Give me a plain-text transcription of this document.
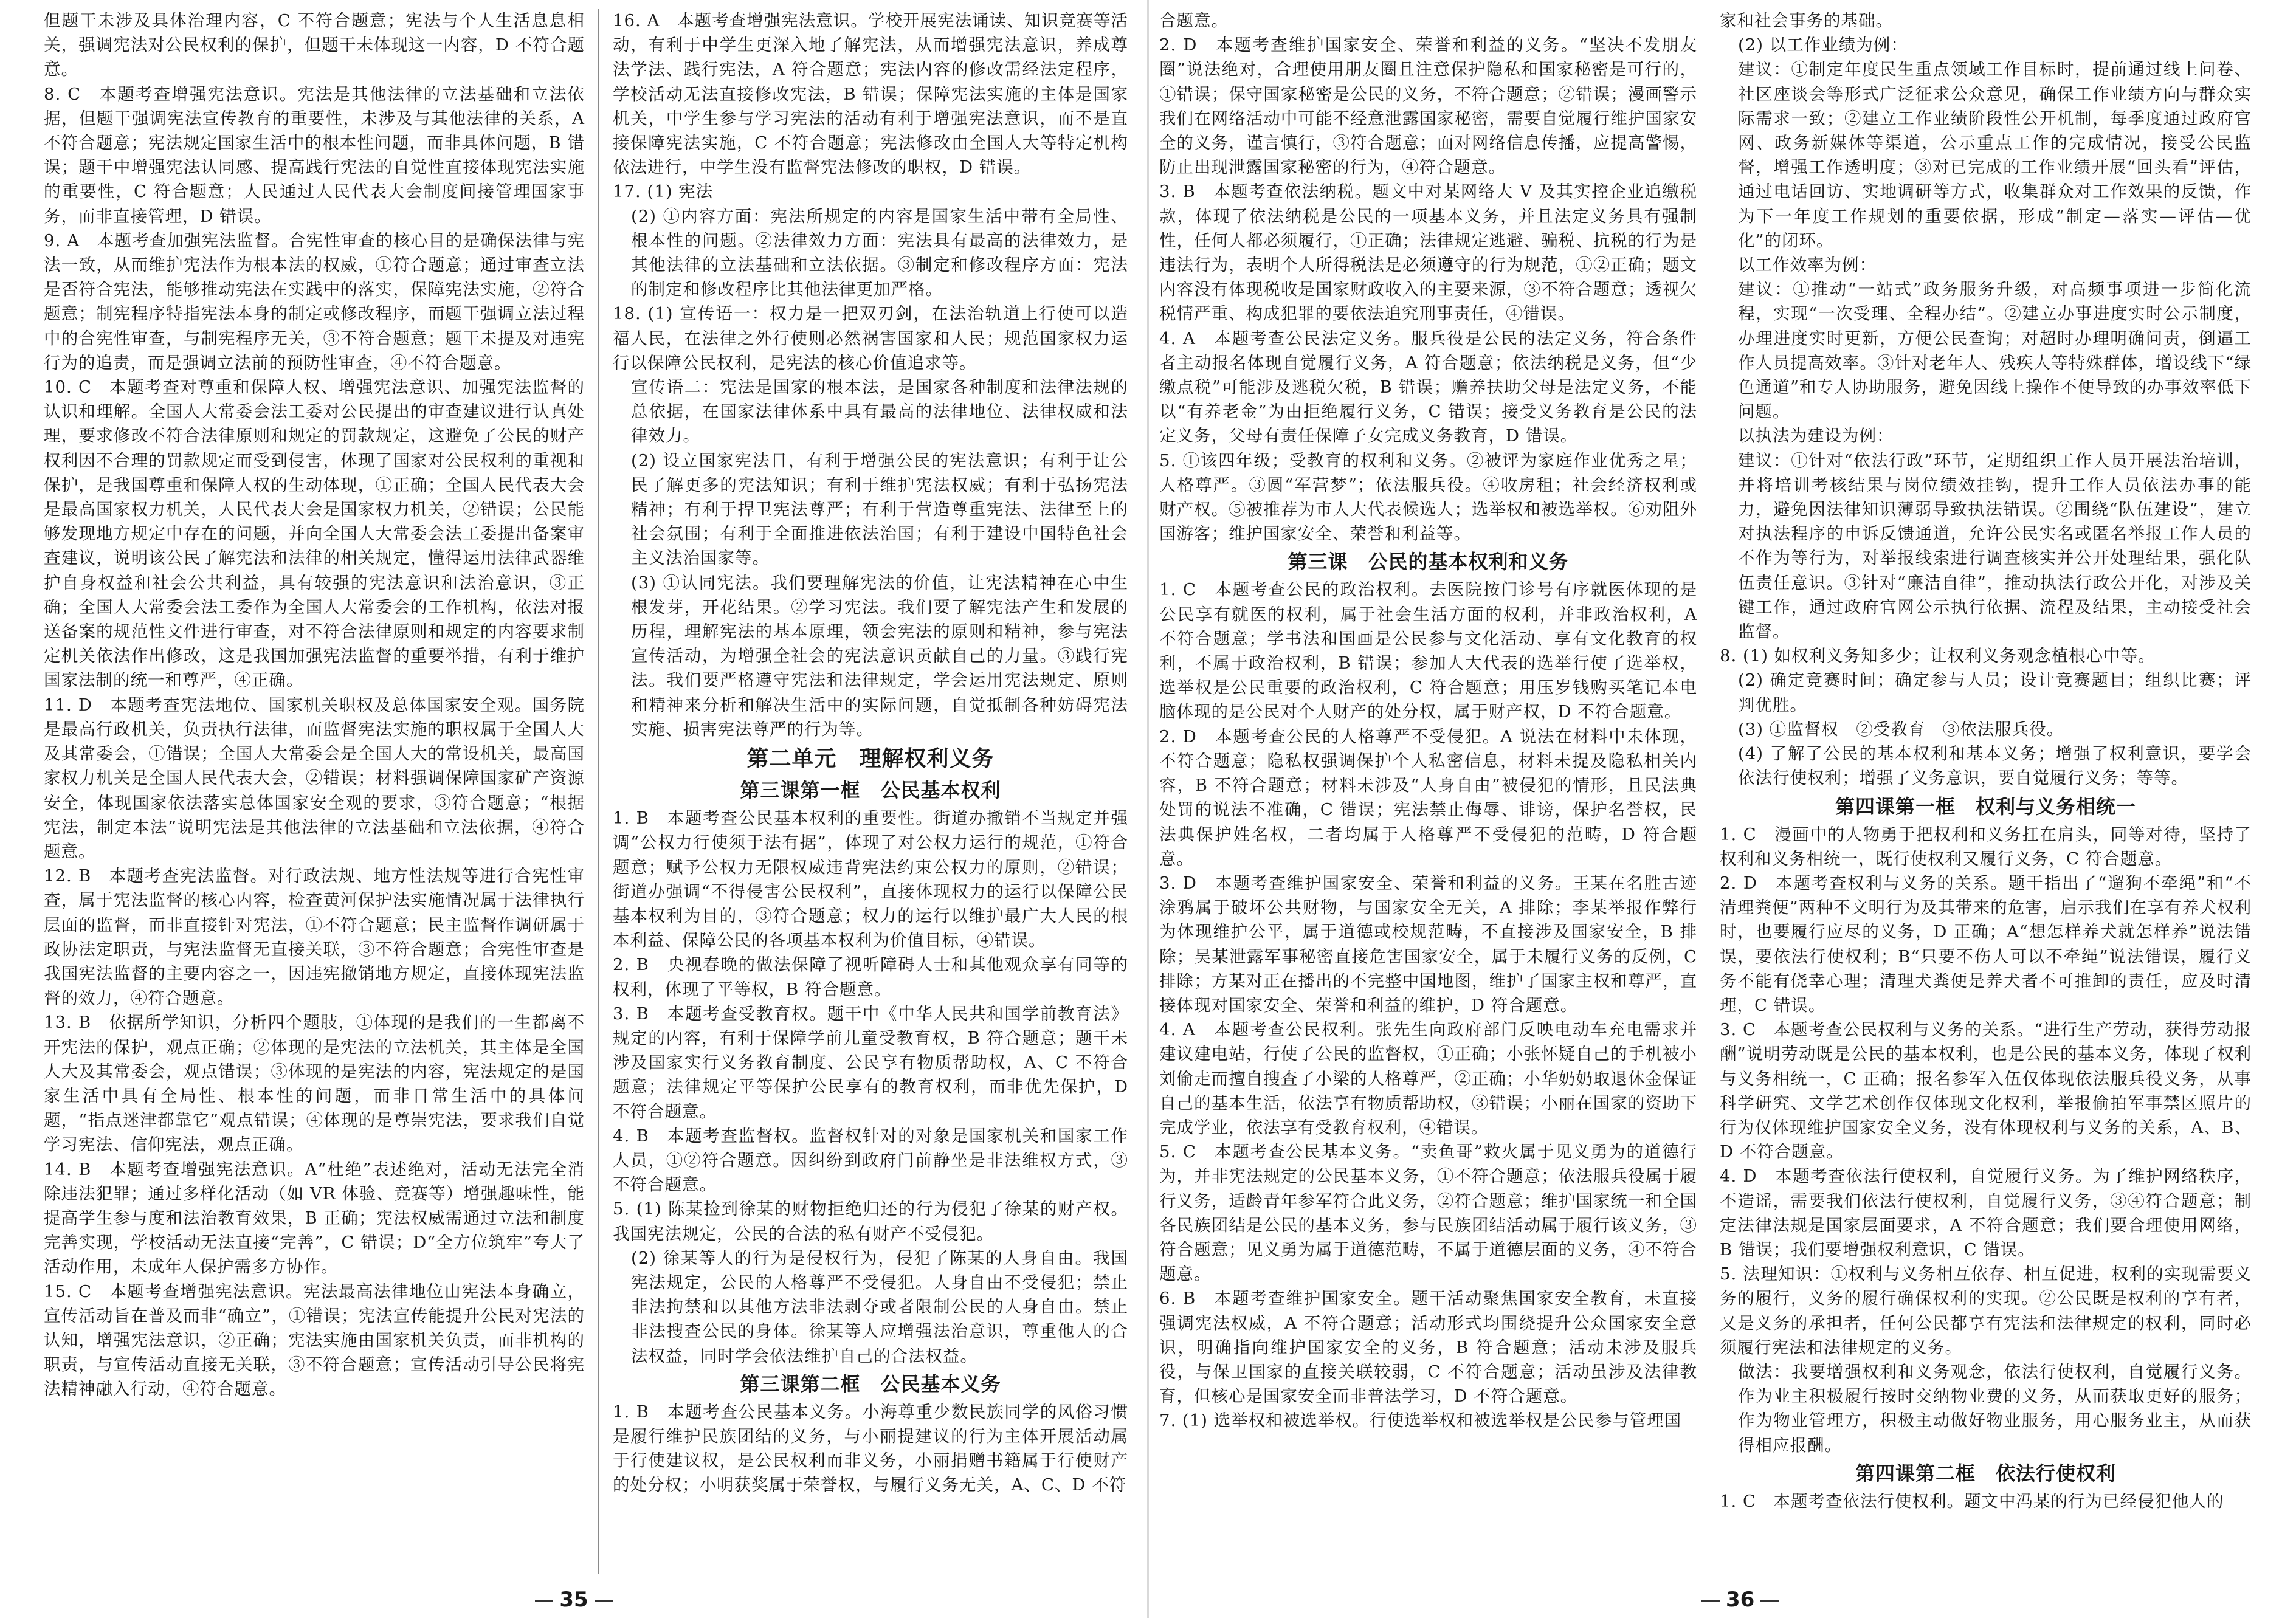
但题干未涉及具体治理内容，C 不符合题意；宪法与个人生活息息相关，强调宪法对公民权利的保护，但题干未体现这一内容，D 不符合题意。

8. C　本题考查增强宪法意识。宪法是其他法律的立法基础和立法依据，但题干强调宪法宣传教育的重要性，未涉及与其他法律的关系，A 不符合题意；宪法规定国家生活中的根本性问题，而非具体问题，B 错误；题干中增强宪法认同感、提高践行宪法的自觉性直接体现宪法实施的重要性，C 符合题意；人民通过人民代表大会制度间接管理国家事务，而非直接管理，D 错误。

9. A　本题考查加强宪法监督。合宪性审查的核心目的是确保法律与宪法一致，从而维护宪法作为根本法的权威，①符合题意；通过审查立法是否符合宪法，能够推动宪法在实践中的落实，保障宪法实施，②符合题意；制宪程序特指宪法本身的制定或修改程序，而题干强调立法过程中的合宪性审查，与制宪程序无关，③不符合题意；题干未提及对违宪行为的追责，而是强调立法前的预防性审查，④不符合题意。

10. C　本题考查对尊重和保障人权、增强宪法意识、加强宪法监督的认识和理解。全国人大常委会法工委对公民提出的审查建议进行认真处理，要求修改不符合法律原则和规定的罚款规定，这避免了公民的财产权利因不合理的罚款规定而受到侵害，体现了国家对公民权利的重视和保护，是我国尊重和保障人权的生动体现，①正确；全国人民代表大会是最高国家权力机关，人民代表大会是国家权力机关，②错误；公民能够发现地方规定中存在的问题，并向全国人大常委会法工委提出备案审查建议，说明该公民了解宪法和法律的相关规定，懂得运用法律武器维护自身权益和社会公共利益，具有较强的宪法意识和法治意识，③正确；全国人大常委会法工委作为全国人大常委会的工作机构，依法对报送备案的规范性文件进行审查，对不符合法律原则和规定的内容要求制定机关依法作出修改，这是我国加强宪法监督的重要举措，有利于维护国家法制的统一和尊严，④正确。

11. D　本题考查宪法地位、国家机关职权及总体国家安全观。国务院是最高行政机关，负责执行法律，而监督宪法实施的职权属于全国人大及其常委会，①错误；全国人大常委会是全国人大的常设机关，最高国家权力机关是全国人民代表大会，②错误；材料强调保障国家矿产资源安全，体现国家依法落实总体国家安全观的要求，③符合题意；“根据宪法，制定本法”说明宪法是其他法律的立法基础和立法依据，④符合题意。

12. B　本题考查宪法监督。对行政法规、地方性法规等进行合宪性审查，属于宪法监督的核心内容，检查黄河保护法实施情况属于法律执行层面的监督，而非直接针对宪法，①不符合题意；民主监督作调研属于政协法定职责，与宪法监督无直接关联，③不符合题意；合宪性审查是我国宪法监督的主要内容之一，因违宪撤销地方规定，直接体现宪法监督的效力，④符合题意。

13. B　依据所学知识，分析四个题肢，①体现的是我们的一生都离不开宪法的保护，观点正确；②体现的是宪法的立法机关，其主体是全国人大及其常委会，观点错误；③体现的是宪法的内容，宪法规定的是国家生活中具有全局性、根本性的问题，而非日常生活中的具体问题，“指点迷津都靠它”观点错误；④体现的是尊崇宪法，要求我们自觉学习宪法、信仰宪法，观点正确。

14. B　本题考查增强宪法意识。A“杜绝”表述绝对，活动无法完全消除违法犯罪；通过多样化活动（如 VR 体验、竞赛等）增强趣味性，能提高学生参与度和法治教育效果，B 正确；宪法权威需通过立法和制度完善实现，学校活动无法直接“完善”，C 错误；D“全方位筑牢”夸大了活动作用，未成年人保护需多方协作。

15. C　本题考查增强宪法意识。宪法最高法律地位由宪法本身确立，宣传活动旨在普及而非“确立”，①错误；宪法宣传能提升公民对宪法的认知，增强宪法意识，②正确；宪法实施由国家机关负责，而非机构的职责，与宣传活动直接无关联，③不符合题意；宣传活动引导公民将宪法精神融入行动，④符合题意。

16. A　本题考查增强宪法意识。学校开展宪法诵读、知识竞赛等活动，有利于中学生更深入地了解宪法，从而增强宪法意识，养成尊法学法、践行宪法，A 符合题意；宪法内容的修改需经法定程序，学校活动无法直接修改宪法，B 错误；保障宪法实施的主体是国家机关，中学生参与学习宪法的活动有利于增强宪法意识，而不是直接保障宪法实施，C 不符合题意；宪法修改由全国人大等特定机构依法进行，中学生没有监督宪法修改的职权，D 错误。

17. (1) 宪法

(2) ①内容方面：宪法所规定的内容是国家生活中带有全局性、根本性的问题。②法律效力方面：宪法具有最高的法律效力，是其他法律的立法基础和立法依据。③制定和修改程序方面：宪法的制定和修改程序比其他法律更加严格。

18. (1) 宣传语一：权力是一把双刃剑，在法治轨道上行使可以造福人民，在法律之外行使则必然祸害国家和人民；规范国家权力运行以保障公民权利，是宪法的核心价值追求等。

宣传语二：宪法是国家的根本法，是国家各种制度和法律法规的总依据，在国家法律体系中具有最高的法律地位、法律权威和法律效力。

(2) 设立国家宪法日，有利于增强公民的宪法意识；有利于让公民了解更多的宪法知识；有利于维护宪法权威；有利于弘扬宪法精神；有利于捍卫宪法尊严；有利于营造尊重宪法、法律至上的社会氛围；有利于全面推进依法治国；有利于建设中国特色社会主义法治国家等。

(3) ①认同宪法。我们要理解宪法的价值，让宪法精神在心中生根发芽，开花结果。②学习宪法。我们要了解宪法产生和发展的历程，理解宪法的基本原理，领会宪法的原则和精神，参与宪法宣传活动，为增强全社会的宪法意识贡献自己的力量。③践行宪法。我们要严格遵守宪法和法律规定，学会运用宪法规定、原则和精神来分析和解决生活中的实际问题，自觉抵制各种妨碍宪法实施、损害宪法尊严的行为等。

第二单元　理解权利义务
第三课第一框　公民基本权利

1. B　本题考查公民基本权利的重要性。街道办撤销不当规定并强调“公权力行使须于法有据”，体现了对公权力运行的规范，①符合题意；赋予公权力无限权威违背宪法约束公权力的原则，②错误；街道办强调“不得侵害公民权利”，直接体现权力的运行以保障公民基本权利为目的，③符合题意；权力的运行以维护最广大人民的根本利益、保障公民的各项基本权利为价值目标，④错误。

2. B　央视春晚的做法保障了视听障碍人士和其他观众享有同等的权利，体现了平等权，B 符合题意。

3. B　本题考查受教育权。题干中《中华人民共和国学前教育法》规定的内容，有利于保障学前儿童受教育权，B 符合题意；题干未涉及国家实行义务教育制度、公民享有物质帮助权，A、C 不符合题意；法律规定平等保护公民享有的教育权利，而非优先保护，D 不符合题意。

4. B　本题考查监督权。监督权针对的对象是国家机关和国家工作人员，①②符合题意。因纠纷到政府门前静坐是非法维权方式，③不符合题意。

5. (1) 陈某捡到徐某的财物拒绝归还的行为侵犯了徐某的财产权。我国宪法规定，公民的合法的私有财产不受侵犯。

(2) 徐某等人的行为是侵权行为，侵犯了陈某的人身自由。我国宪法规定，公民的人格尊严不受侵犯。人身自由不受侵犯；禁止非法拘禁和以其他方法非法剥夺或者限制公民的人身自由。禁止非法搜查公民的身体。徐某等人应增强法治意识，尊重他人的合法权益，同时学会依法维护自己的合法权益。

第三课第二框　公民基本义务

1. B　本题考查公民基本义务。小海尊重少数民族同学的风俗习惯是履行维护民族团结的义务，与小丽提建议的行为主体开展活动属于行使建议权，是公民权利而非义务，小丽捐赠书籍属于行使财产的处分权；小明获奖属于荣誉权，与履行义务无关，A、C、D 不符

35

合题意。

2. D　本题考查维护国家安全、荣誉和利益的义务。“坚决不发朋友圈”说法绝对，合理使用朋友圈且注意保护隐私和国家秘密是可行的，①错误；保守国家秘密是公民的义务，不符合题意；②错误；漫画警示我们在网络活动中可能不经意泄露国家秘密，需要自觉履行维护国家安全的义务，谨言慎行，③符合题意；面对网络信息传播，应提高警惕，防止出现泄露国家秘密的行为，④符合题意。

3. B　本题考查依法纳税。题文中对某网络大 V 及其实控企业追缴税款，体现了依法纳税是公民的一项基本义务，并且法定义务具有强制性，任何人都必须履行，①正确；法律规定逃避、骗税、抗税的行为是违法行为，表明个人所得税法是必须遵守的行为规范，①②正确；题文内容没有体现税收是国家财政收入的主要来源，③不符合题意；透视欠税情严重、构成犯罪的要依法追究刑事责任，④错误。

4. A　本题考查公民法定义务。服兵役是公民的法定义务，符合条件者主动报名体现自觉履行义务，A 符合题意；依法纳税是义务，但“少缴点税”可能涉及逃税欠税，B 错误；赡养扶助父母是法定义务，不能以“有养老金”为由拒绝履行义务，C 错误；接受义务教育是公民的法定义务，父母有责任保障子女完成义务教育，D 错误。

5. ①该四年级；受教育的权利和义务。②被评为家庭作业优秀之星；人格尊严。③圆“军营梦”；依法服兵役。④收房租；社会经济权利或财产权。⑤被推荐为市人大代表候选人；选举权和被选举权。⑥劝阻外国游客；维护国家安全、荣誉和利益等。

第三课　公民的基本权利和义务

1. C　本题考查公民的政治权利。去医院按门诊号有序就医体现的是公民享有就医的权利，属于社会生活方面的权利，并非政治权利，A 不符合题意；学书法和国画是公民参与文化活动、享有文化教育的权利，不属于政治权利，B 错误；参加人大代表的选举行使了选举权，选举权是公民重要的政治权利，C 符合题意；用压岁钱购买笔记本电脑体现的是公民对个人财产的处分权，属于财产权，D 不符合题意。

2. D　本题考查公民的人格尊严不受侵犯。A 说法在材料中未体现，不符合题意；隐私权强调保护个人私密信息，材料未提及隐私相关内容，B 不符合题意；材料未涉及“人身自由”被侵犯的情形，且民法典处罚的说法不准确，C 错误；宪法禁止侮辱、诽谤，保护名誉权，民法典保护姓名权，二者均属于人格尊严不受侵犯的范畴，D 符合题意。

3. D　本题考查维护国家安全、荣誉和利益的义务。王某在名胜古迹涂鸦属于破坏公共财物，与国家安全无关，A 排除；李某举报作弊行为体现维护公平，属于道德或校规范畴，不直接涉及国家安全，B 排除；吴某泄露军事秘密直接危害国家安全，属于未履行义务的反例，C 排除；方某对正在播出的不完整中国地图，维护了国家主权和尊严，直接体现对国家安全、荣誉和利益的维护，D 符合题意。

4. A　本题考查公民权利。张先生向政府部门反映电动车充电需求并建议建电站，行使了公民的监督权，①正确；小张怀疑自己的手机被小刘偷走而擅自搜查了小梁的人格尊严，②正确；小华奶奶取退休金保证自己的基本生活，依法享有物质帮助权，③错误；小丽在国家的资助下完成学业，依法享有受教育权利，④错误。

5. C　本题考查公民基本义务。“卖鱼哥”救火属于见义勇为的道德行为，并非宪法规定的公民基本义务，①不符合题意；依法服兵役属于履行义务，适龄青年参军符合此义务，②符合题意；维护国家统一和全国各民族团结是公民的基本义务，参与民族团结活动属于履行该义务，③符合题意；见义勇为属于道德范畴，不属于道德层面的义务，④不符合题意。

6. B　本题考查维护国家安全。题干活动聚焦国家安全教育，未直接强调宪法权威，A 不符合题意；活动形式均围绕提升公众国家安全意识，明确指向维护国家安全的义务，B 符合题意；活动未涉及服兵役，与保卫国家的直接关联较弱，C 不符合题意；活动虽涉及法律教育，但核心是国家安全而非普法学习，D 不符合题意。

7. (1) 选举权和被选举权。行使选举权和被选举权是公民参与管理国

家和社会事务的基础。

(2) 以工作业绩为例：

建议：①制定年度民生重点领域工作目标时，提前通过线上问卷、社区座谈会等形式广泛征求公众意见，确保工作业绩方向与群众实际需求一致；②建立工作业绩阶段性公开机制，每季度通过政府官网、政务新媒体等渠道，公示重点工作的完成情况，接受公民监督，增强工作透明度；③对已完成的工作业绩开展“回头看”评估，通过电话回访、实地调研等方式，收集群众对工作效果的反馈，作为下一年度工作规划的重要依据，形成“制定—落实—评估—优化”的闭环。

以工作效率为例：

建议：①推动“一站式”政务服务升级，对高频事项进一步简化流程，实现“一次受理、全程办结”。②建立办事进度实时公示制度，办理进度实时更新，方便公民查询；对超时办理明确问责，倒逼工作人员提高效率。③针对老年人、残疾人等特殊群体，增设线下“绿色通道”和专人协助服务，避免因线上操作不便导致的办事效率低下问题。

以执法为建设为例：

建议：①针对“依法行政”环节，定期组织工作人员开展法治培训，并将培训考核结果与岗位绩效挂钩，提升工作人员依法办事的能力，避免因法律知识薄弱导致执法错误。②围绕“队伍建设”，建立对执法程序的申诉反馈通道，允许公民实名或匿名举报工作人员的不作为等行为，对举报线索进行调查核实并公开处理结果，强化队伍责任意识。③针对“廉洁自律”，推动执法行政公开化，对涉及关键工作，通过政府官网公示执行依据、流程及结果，主动接受社会监督。

8. (1) 如权利义务知多少；让权利义务观念植根心中等。

(2) 确定竞赛时间；确定参与人员；设计竞赛题目；组织比赛；评判优胜。

(3) ①监督权　②受教育　③依法服兵役。

(4) 了解了公民的基本权利和基本义务；增强了权利意识，要学会依法行使权利；增强了义务意识，要自觉履行义务；等等。

第四课第一框　权利与义务相统一

1. C　漫画中的人物勇于把权利和义务扛在肩头，同等对待，坚持了权利和义务相统一，既行使权利又履行义务，C 符合题意。

2. D　本题考查权利与义务的关系。题干指出了“遛狗不牵绳”和“不清理粪便”两种不文明行为及其带来的危害，启示我们在享有养犬权利时，也要履行应尽的义务，D 正确；A“想怎样养犬就怎样养”说法错误，要依法行使权利；B“只要不伤人可以不牵绳”说法错误，履行义务不能有侥幸心理；清理犬粪便是养犬者不可推卸的责任，应及时清理，C 错误。

3. C　本题考查公民权利与义务的关系。“进行生产劳动，获得劳动报酬”说明劳动既是公民的基本权利，也是公民的基本义务，体现了权利与义务相统一，C 正确；报名参军入伍仅体现依法服兵役义务，从事科学研究、文学艺术创作仅体现文化权利，举报偷拍军事禁区照片的行为仅体现维护国家安全义务，没有体现权利与义务的关系，A、B、D 不符合题意。

4. D　本题考查依法行使权利，自觉履行义务。为了维护网络秩序，不造谣，需要我们依法行使权利，自觉履行义务，③④符合题意；制定法律法规是国家层面要求，A 不符合题意；我们要合理使用网络，B 错误；我们要增强权利意识，C 错误。

5. 法理知识：①权利与义务相互依存、相互促进，权利的实现需要义务的履行，义务的履行确保权利的实现。②公民既是权利的享有者，又是义务的承担者，任何公民都享有宪法和法律规定的权利，同时必须履行宪法和法律规定的义务。

做法：我要增强权利和义务观念，依法行使权利，自觉履行义务。作为业主积极履行按时交纳物业费的义务，从而获取更好的服务；作为物业管理方，积极主动做好物业服务，用心服务业主，从而获得相应报酬。

第四课第二框　依法行使权利

1. C　本题考查依法行使权利。题文中冯某的行为已经侵犯他人的

36
